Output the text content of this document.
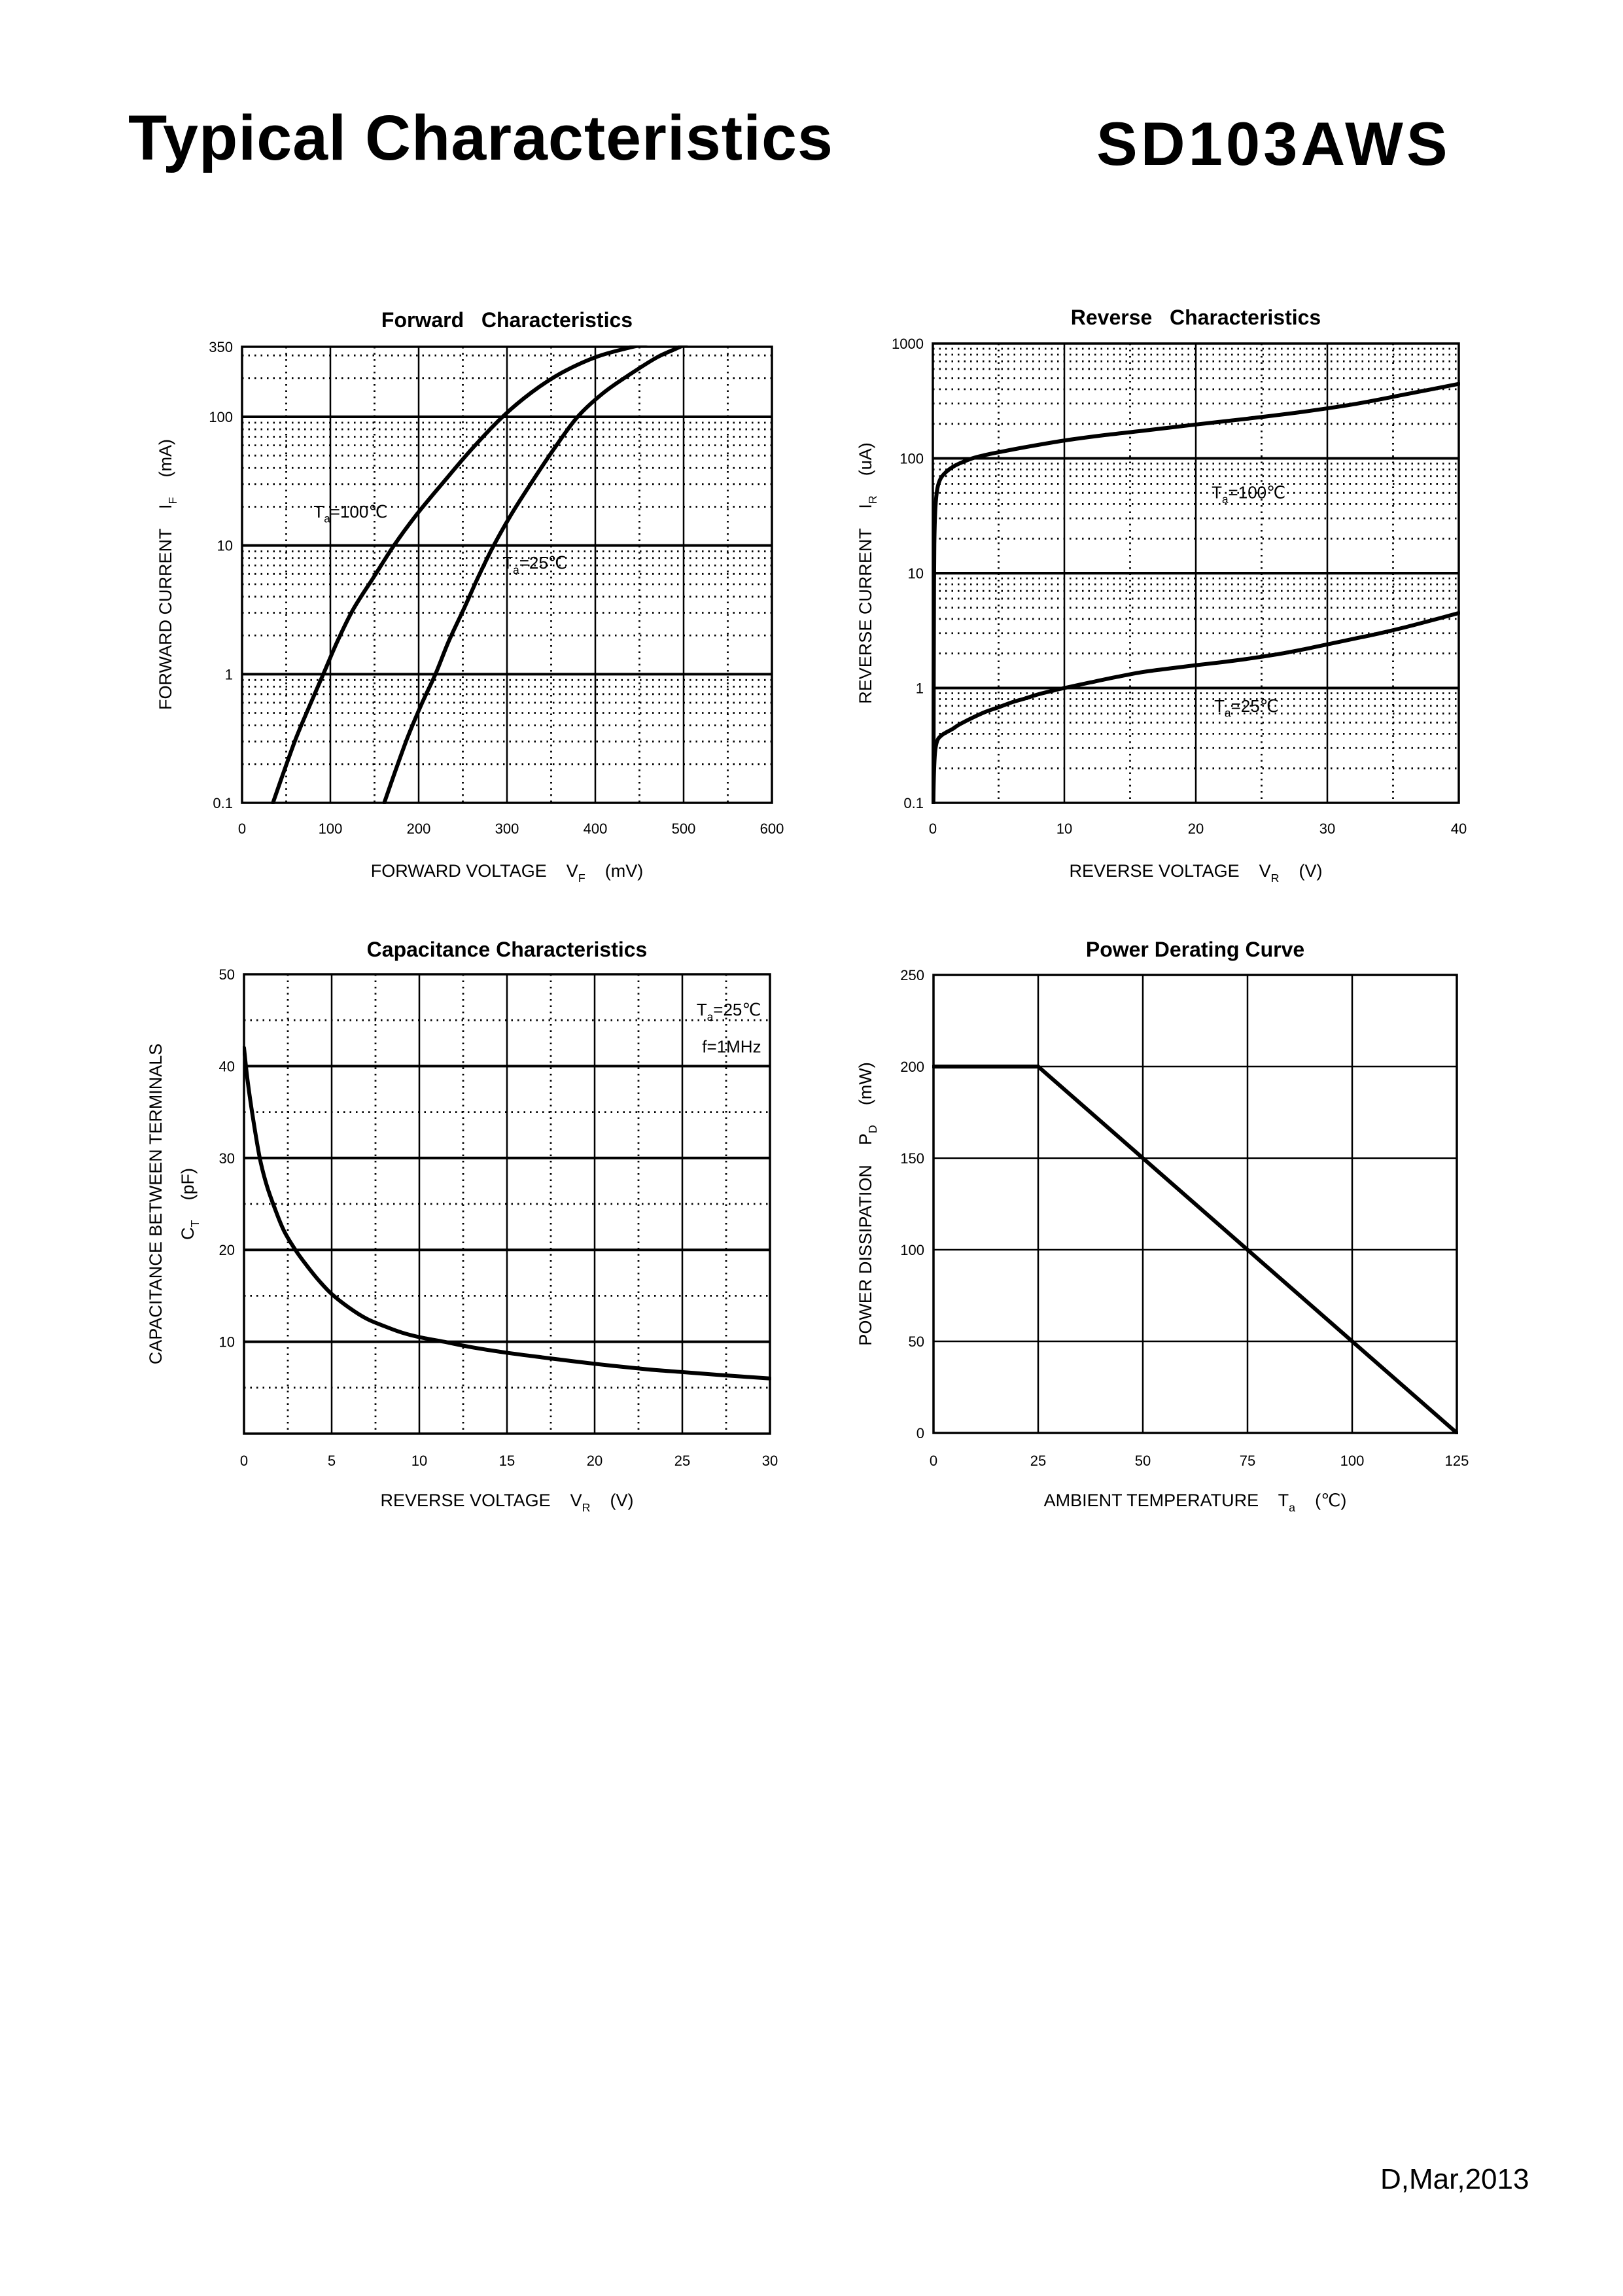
Typical Characteristics	SD103AWS
350
100
10
1
0.1
0	100	200	300	400	500	600
Forward   Characteristics
FORWARD VOLTAGE    $V_F$    (mV)
FORWARD CURRENT    $I_F$    (mA)
$T_a=100℃$
$T_a=25℃$
1000
100
10
1
0.1
0	10	20	30	40
Reverse   Characteristics
REVERSE VOLTAGE    $V_R$    (V)
REVERSE CURRENT    $I_R$    (uA)	$T_a=100℃$
$T_a=25℃$
50
40
30
20
10
0	5	10	15	20	25	30
Capacitance Characteristics
REVERSE VOLTAGE    $V_R$    (V)
CAPACITANCE BETWEEN TERMINALS $C_T$    (pF)
$T_a=25℃$
f=1MHz
250
200
150
100
50
0
0	25	50	75	100	125
Power Derating Curve
AMBIENT TEMPERATURE    $T_a$    (℃)
POWER DISSIPATION    $P_D$    (mW)
D,Mar,2013
